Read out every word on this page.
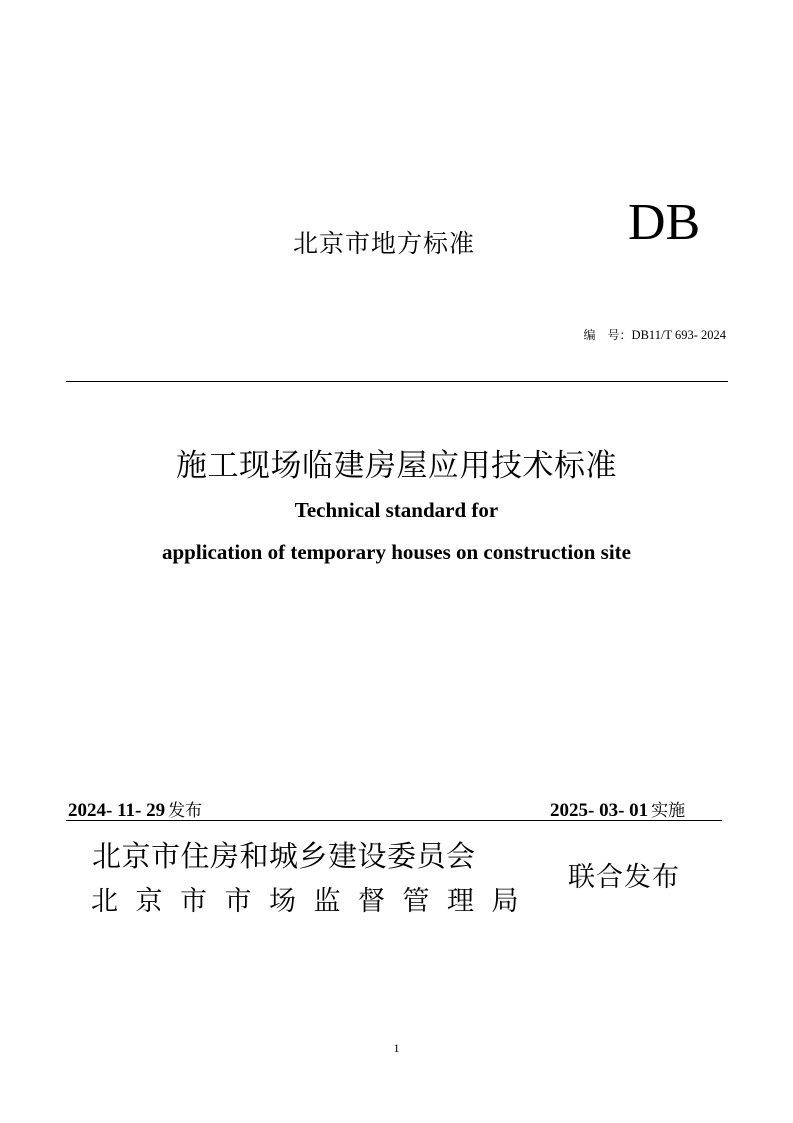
北京市地方标准	DB
编　号：DB11/T 693- 2024
施工现场临建房屋应用技术标准
Technical standard for
application of temporary houses on construction site
2024- 11- 29 发布	2025- 03- 01 实施
北京市住房和城乡建设委员会
北京市市场监督管理局
联合发布
1
